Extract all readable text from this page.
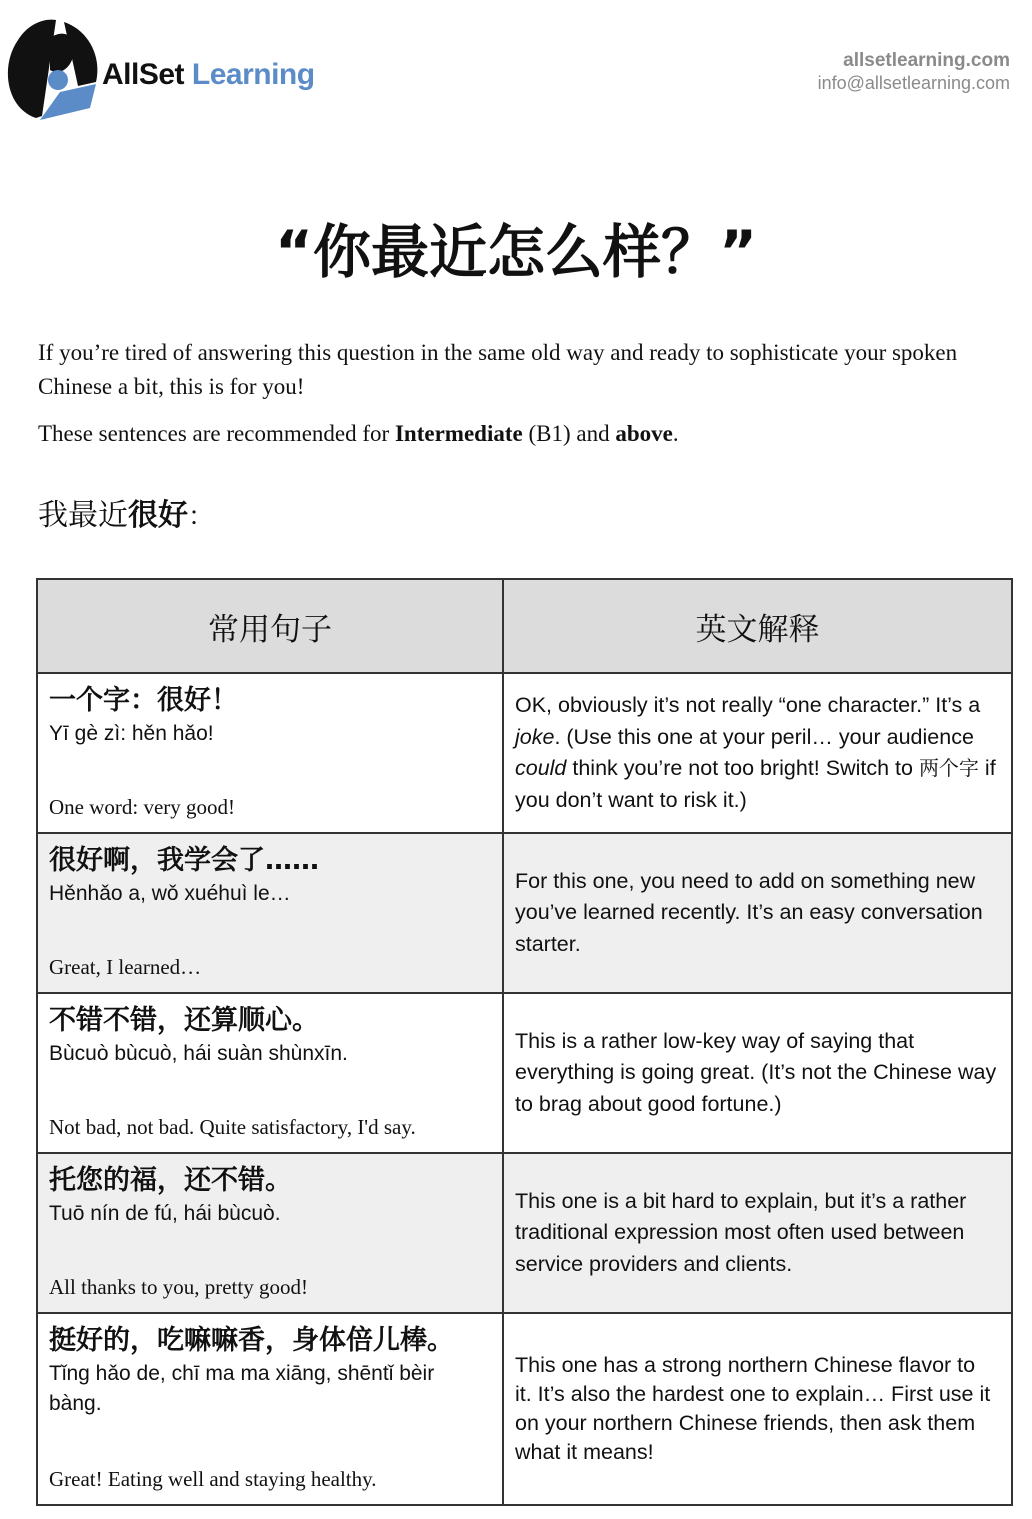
AllSet Learning	allsetlearning.com
info@allsetlearning.com
“你最近怎么样？”
If you’re tired of answering this question in the same old way and ready to sophisticate your spoken Chinese a bit, this is for you!
These sentences are recommended for Intermediate (B1) and above.
我最近很好：
常用句子	英文解释

一个字：很好！
Yī gè zì: hěn hǎo!
One word: very good!	OK, obviously it’s not really “one character.” It’s a joke. (Use this one at your peril… your audience could think you’re not too bright! Switch to 两个字 if you don’t want to risk it.)

很好啊，我学会了……
Hěnhǎo a, wǒ xuéhuì le…
Great, I learned…	For this one, you need to add on something new you’ve learned recently. It’s an easy conversation starter.

不错不错，还算顺心。
Bùcuò bùcuò, hái suàn shùnxīn.
Not bad, not bad. Quite satisfactory, I'd say.	This is a rather low-key way of saying that everything is going great. (It’s not the Chinese way to brag about good fortune.)

托您的福，还不错。
Tuō nín de fú, hái bùcuò.
All thanks to you, pretty good!	This one is a bit hard to explain, but it’s a rather traditional expression most often used between service providers and clients.

挺好的，吃嘛嘛香，身体倍儿棒。
Tǐng hǎo de, chī ma ma xiāng, shēntǐ bèir bàng.
Great! Eating well and staying healthy.	This one has a strong northern Chinese flavor to it. It’s also the hardest one to explain… First use it on your northern Chinese friends, then ask them what it means!
